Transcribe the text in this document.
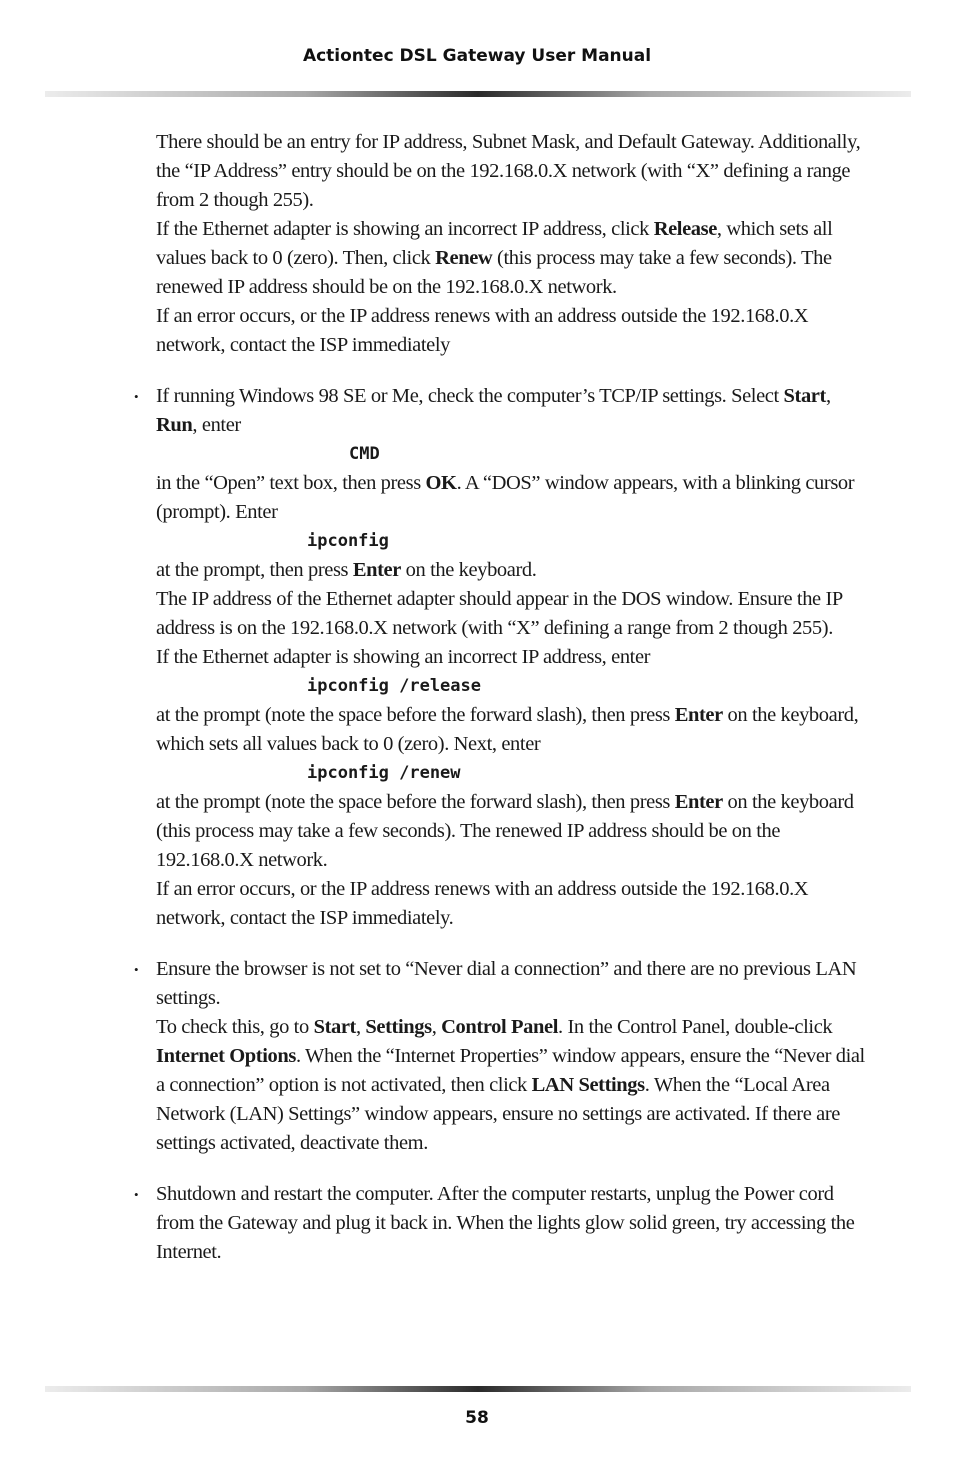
Actiontec DSL Gateway User Manual

There should be an entry for IP address, Subnet Mask, and Default Gateway. Additionally, the “IP Address” entry should be on the 192.168.0.X network (with “X” defining a range from 2 though 255).

If the Ethernet adapter is showing an incorrect IP address, click Release, which sets all values back to 0 (zero). Then, click Renew (this process may take a few seconds). The renewed IP address should be on the 192.168.0.X network.

If an error occurs, or the IP address renews with an address outside the 192.168.0.X network, contact the ISP immediately

• If running Windows 98 SE or Me, check the computer’s TCP/IP settings. Select Start, Run, enter

CMD

in the “Open” text box, then press OK. A “DOS” window appears, with a blinking cursor (prompt). Enter

ipconfig

at the prompt, then press Enter on the keyboard.

The IP address of the Ethernet adapter should appear in the DOS window. Ensure the IP address is on the 192.168.0.X network (with “X” defining a range from 2 though 255).

If the Ethernet adapter is showing an incorrect IP address, enter

ipconfig /release

at the prompt (note the space before the forward slash), then press Enter on the keyboard, which sets all values back to 0 (zero). Next, enter

ipconfig /renew

at the prompt (note the space before the forward slash), then press Enter on the keyboard (this process may take a few seconds). The renewed IP address should be on the 192.168.0.X network.

If an error occurs, or the IP address renews with an address outside the 192.168.0.X network, contact the ISP immediately.

• Ensure the browser is not set to “Never dial a connection” and there are no previous LAN settings.

To check this, go to Start, Settings, Control Panel. In the Control Panel, double-click Internet Options. When the “Internet Properties” window appears, ensure the “Never dial a connection” option is not activated, then click LAN Settings. When the “Local Area Network (LAN) Settings” window appears, ensure no settings are activated. If there are settings activated, deactivate them.

• Shutdown and restart the computer. After the computer restarts, unplug the Power cord from the Gateway and plug it back in. When the lights glow solid green, try accessing the Internet.

58
